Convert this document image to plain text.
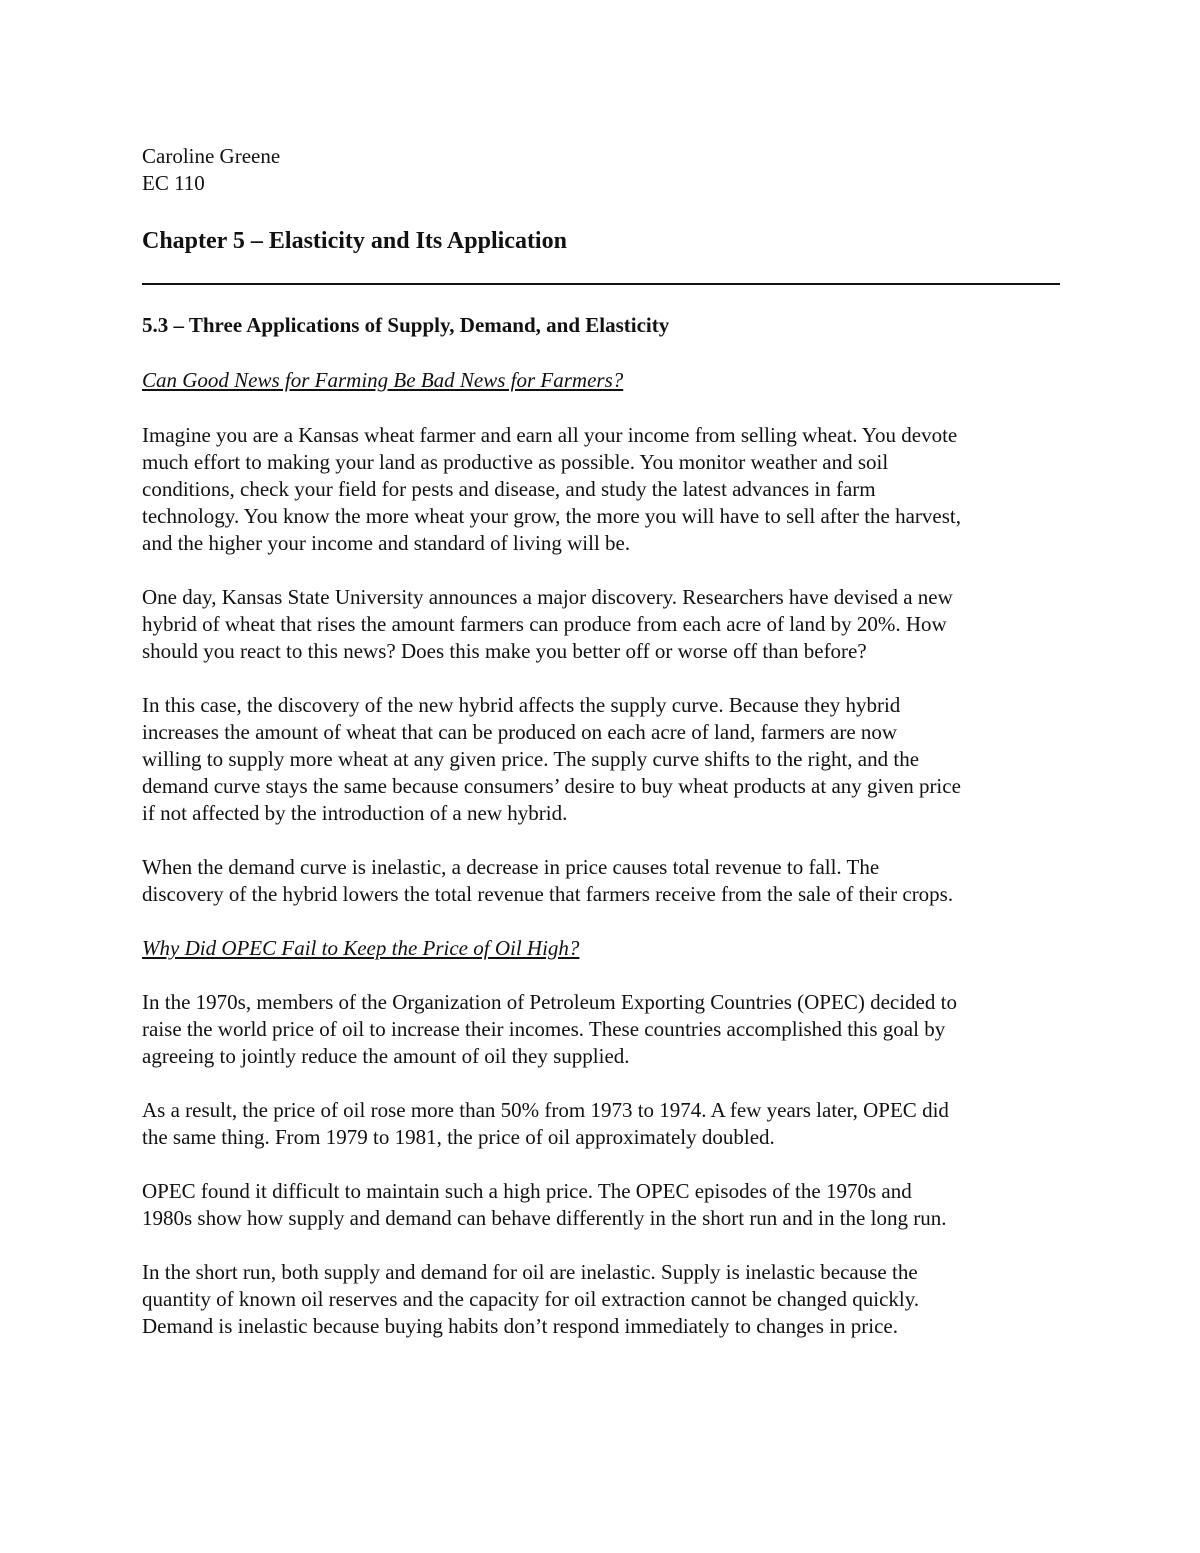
Caroline Greene

EC 110

Chapter 5 – Elasticity and Its Application
5.3 – Three Applications of Supply, Demand, and Elasticity

Can Good News for Farming Be Bad News for Farmers?

Imagine you are a Kansas wheat farmer and earn all your income from selling wheat. You devote
much effort to making your land as productive as possible. You monitor weather and soil
conditions, check your field for pests and disease, and study the latest advances in farm
technology. You know the more wheat your grow, the more you will have to sell after the harvest,
and the higher your income and standard of living will be.
One day, Kansas State University announces a major discovery. Researchers have devised a new
hybrid of wheat that rises the amount farmers can produce from each acre of land by 20%. How
should you react to this news? Does this make you better off or worse off than before?
In this case, the discovery of the new hybrid affects the supply curve. Because they hybrid
increases the amount of wheat that can be produced on each acre of land, farmers are now
willing to supply more wheat at any given price. The supply curve shifts to the right, and the
demand curve stays the same because consumers’ desire to buy wheat products at any given price
if not affected by the introduction of a new hybrid.
When the demand curve is inelastic, a decrease in price causes total revenue to fall. The
discovery of the hybrid lowers the total revenue that farmers receive from the sale of their crops.

Why Did OPEC Fail to Keep the Price of Oil High?

In the 1970s, members of the Organization of Petroleum Exporting Countries (OPEC) decided to
raise the world price of oil to increase their incomes. These countries accomplished this goal by
agreeing to jointly reduce the amount of oil they supplied.
As a result, the price of oil rose more than 50% from 1973 to 1974. A few years later, OPEC did
the same thing. From 1979 to 1981, the price of oil approximately doubled.
OPEC found it difficult to maintain such a high price. The OPEC episodes of the 1970s and
1980s show how supply and demand can behave differently in the short run and in the long run.
In the short run, both supply and demand for oil are inelastic. Supply is inelastic because the
quantity of known oil reserves and the capacity for oil extraction cannot be changed quickly.
Demand is inelastic because buying habits don’t respond immediately to changes in price.
